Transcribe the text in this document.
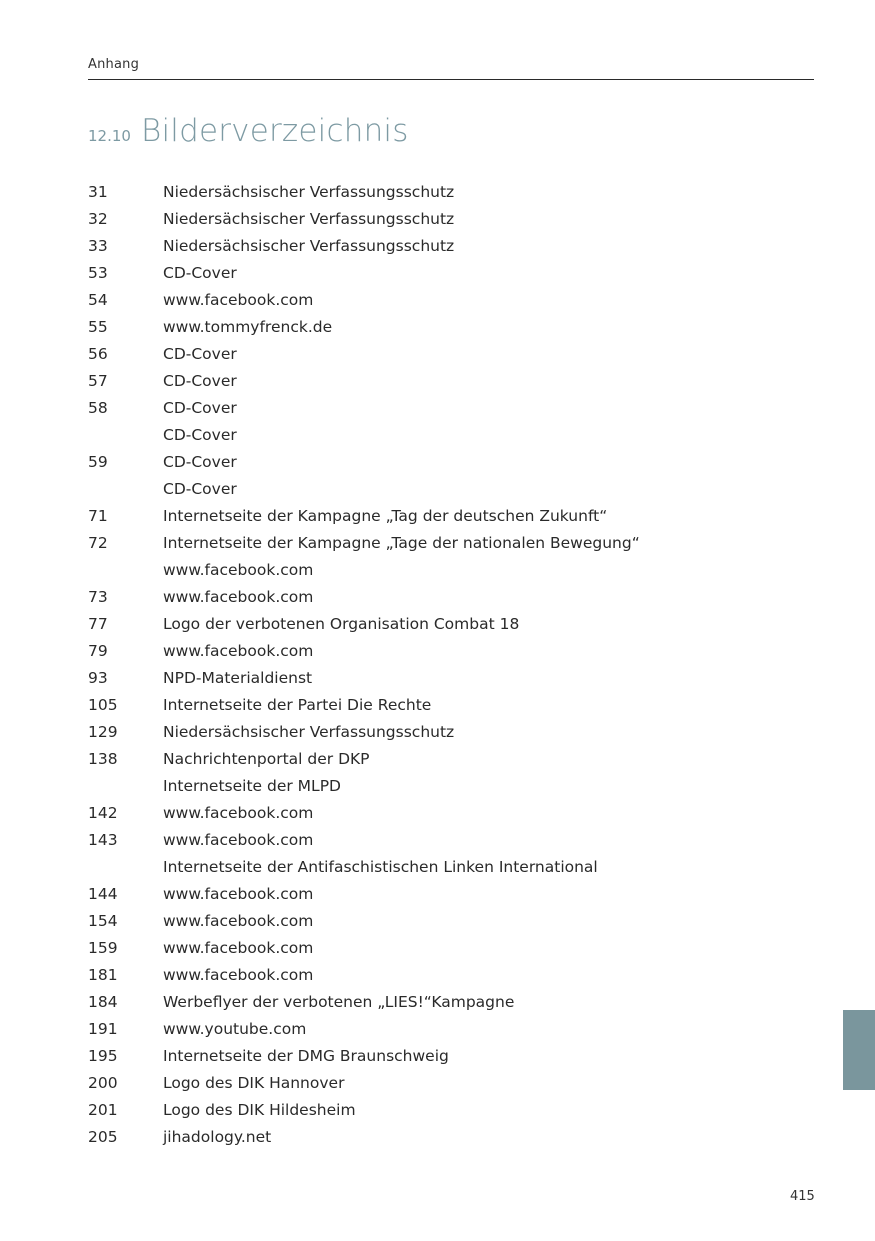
Anhang
12.10 Bilderverzeichnis
31	Niedersächsischer Verfassungsschutz
32	Niedersächsischer Verfassungsschutz
33	Niedersächsischer Verfassungsschutz
53	CD-Cover
54	www.facebook.com
55	www.tommyfrenck.de
56	CD-Cover
57	CD-Cover
58	CD-Cover
CD-Cover
59	CD-Cover
CD-Cover
71	Internetseite der Kampagne „Tag der deutschen Zukunft“
72	Internetseite der Kampagne „Tage der nationalen Bewegung“
www.facebook.com
73	www.facebook.com
77	Logo der verbotenen Organisation Combat 18
79	www.facebook.com
93	NPD-Materialdienst
105	Internetseite der Partei Die Rechte
129	Niedersächsischer Verfassungsschutz
138	Nachrichtenportal der DKP
Internetseite der MLPD
142	www.facebook.com
143	www.facebook.com
Internetseite der Antifaschistischen Linken International
144	www.facebook.com
154	www.facebook.com
159	www.facebook.com
181	www.facebook.com
184	Werbeflyer der verbotenen „LIES!“Kampagne
191	www.youtube.com
195	Internetseite der DMG Braunschweig
200	Logo des DIK Hannover
201	Logo des DIK Hildesheim
205	jihadology.net
415
